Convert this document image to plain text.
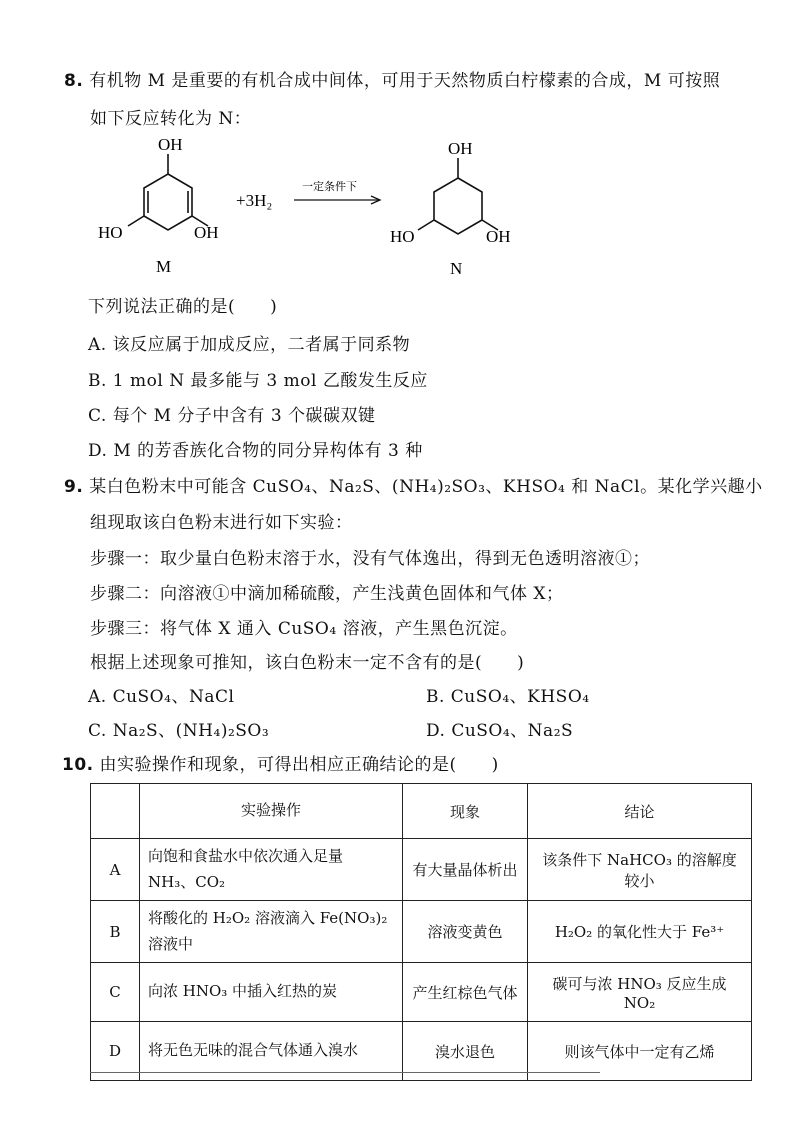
8. 有机物 M 是重要的有机合成中间体，可用于天然物质白柠檬素的合成，M 可按照
如下反应转化为 N：
OH
HO	OH
M
+3H₂
一定条件下
OH
HO	OH
N
下列说法正确的是(　　)
A. 该反应属于加成反应，二者属于同系物
B. 1 mol N 最多能与 3 mol 乙酸发生反应
C. 每个 M 分子中含有 3 个碳碳双键
D. M 的芳香族化合物的同分异构体有 3 种
9. 某白色粉末中可能含 CuSO₄、Na₂S、(NH₄)₂SO₃、KHSO₄ 和 NaCl。某化学兴趣小
组现取该白色粉末进行如下实验：
步骤一：取少量白色粉末溶于水，没有气体逸出，得到无色透明溶液①；
步骤二：向溶液①中滴加稀硫酸，产生浅黄色固体和气体 X；
步骤三：将气体 X 通入 CuSO₄ 溶液，产生黑色沉淀。
根据上述现象可推知，该白色粉末一定不含有的是(　　)
A. CuSO₄、NaCl	B. CuSO₄、KHSO₄
C. Na₂S、(NH₄)₂SO₃	D. CuSO₄、Na₂S
10. 由实验操作和现象，可得出相应正确结论的是(　　)
	实验操作	现象	结论
A	向饱和食盐水中依次通入足量 NH₃、CO₂	有大量晶体析出	该条件下 NaHCO₃ 的溶解度较小
B	将酸化的 H₂O₂ 溶液滴入 Fe(NO₃)₂溶液中	溶液变黄色	H₂O₂ 的氧化性大于 Fe³⁺
C	向浓 HNO₃ 中插入红热的炭	产生红棕色气体	碳可与浓 HNO₃ 反应生成 NO₂
D	将无色无味的混合气体通入溴水	溴水退色	则该气体中一定有乙烯
